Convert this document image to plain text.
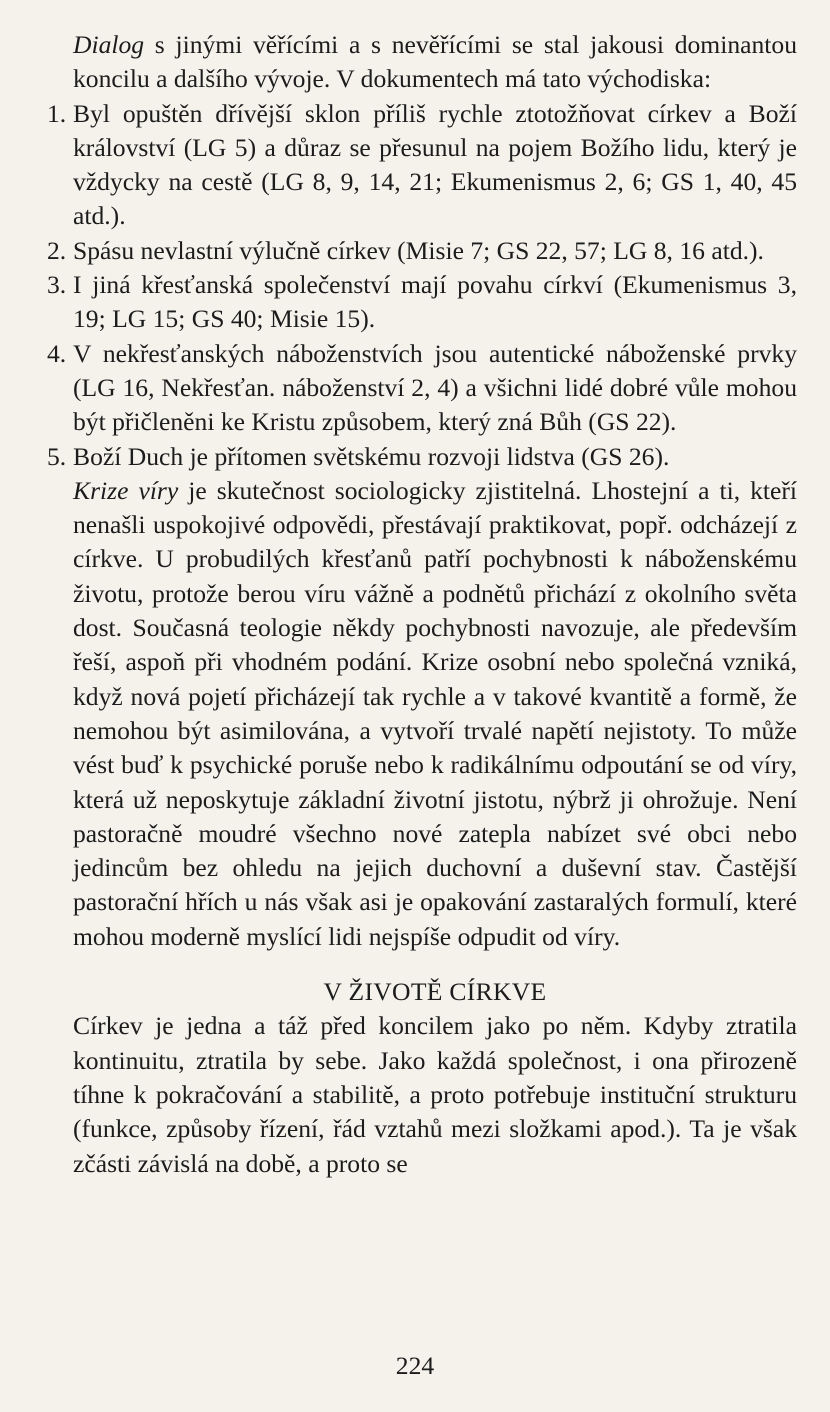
Dialog s jinými věřícími a s nevěřícími se stal jakousi dominantou koncilu a dalšího vývoje. V dokumentech má tato východiska:

1. Byl opuštěn dřívější sklon příliš rychle ztotožňovat církev a Boží království (LG 5) a důraz se přesunul na pojem Božího lidu, který je vždycky na cestě (LG 8, 9, 14, 21; Ekumenismus 2, 6; GS 1, 40, 45 atd.).
2. Spásu nevlastní výlučně církev (Misie 7; GS 22, 57; LG 8, 16 atd.).
3. I jiná křesťanská společenství mají povahu církví (Ekumenismus 3, 19; LG 15; GS 40; Misie 15).
4. V nekřesťanských náboženstvích jsou autentické náboženské prvky (LG 16, Nekřesťan. náboženství 2, 4) a všichni lidé dobré vůle mohou být přičleněni ke Kristu způsobem, který zná Bůh (GS 22).
5. Boží Duch je přítomen světskému rozvoji lidstva (GS 26).

Krize víry je skutečnost sociologicky zjistitelná. Lhostejní a ti, kteří nenašli uspokojivé odpovědi, přestávají praktikovat, popř. odcházejí z církve. U probudilých křesťanů patří pochybnosti k náboženskému životu, protože berou víru vážně a podnětů přichází z okolního světa dost. Současná teologie někdy pochybnosti navozuje, ale především řeší, aspoň při vhodném podání. Krize osobní nebo společná vzniká, když nová pojetí přicházejí tak rychle a v takové kvantitě a formě, že nemohou být asimilována, a vytvoří trvalé napětí nejistoty. To může vést buď k psychické poruše nebo k radikálnímu odpoutání se od víry, která už neposkytuje základní životní jistotu, nýbrž ji ohrožuje. Není pastoračně moudré všechno nové zatepla nabízet své obci nebo jedincům bez ohledu na jejich duchovní a duševní stav. Častější pastorační hřích u nás však asi je opakování zastaralých formulí, které mohou moderně myslící lidi nejspíše odpudit od víry.

V ŽIVOTĚ CÍRKVE

Církev je jedna a táž před koncilem jako po něm. Kdyby ztratila kontinuitu, ztratila by sebe. Jako každá společnost, i ona přirozeně tíhne k pokračování a stabilitě, a proto potřebuje instituční strukturu (funkce, způsoby řízení, řád vztahů mezi složkami apod.). Ta je však zčásti závislá na době, a proto se

224
